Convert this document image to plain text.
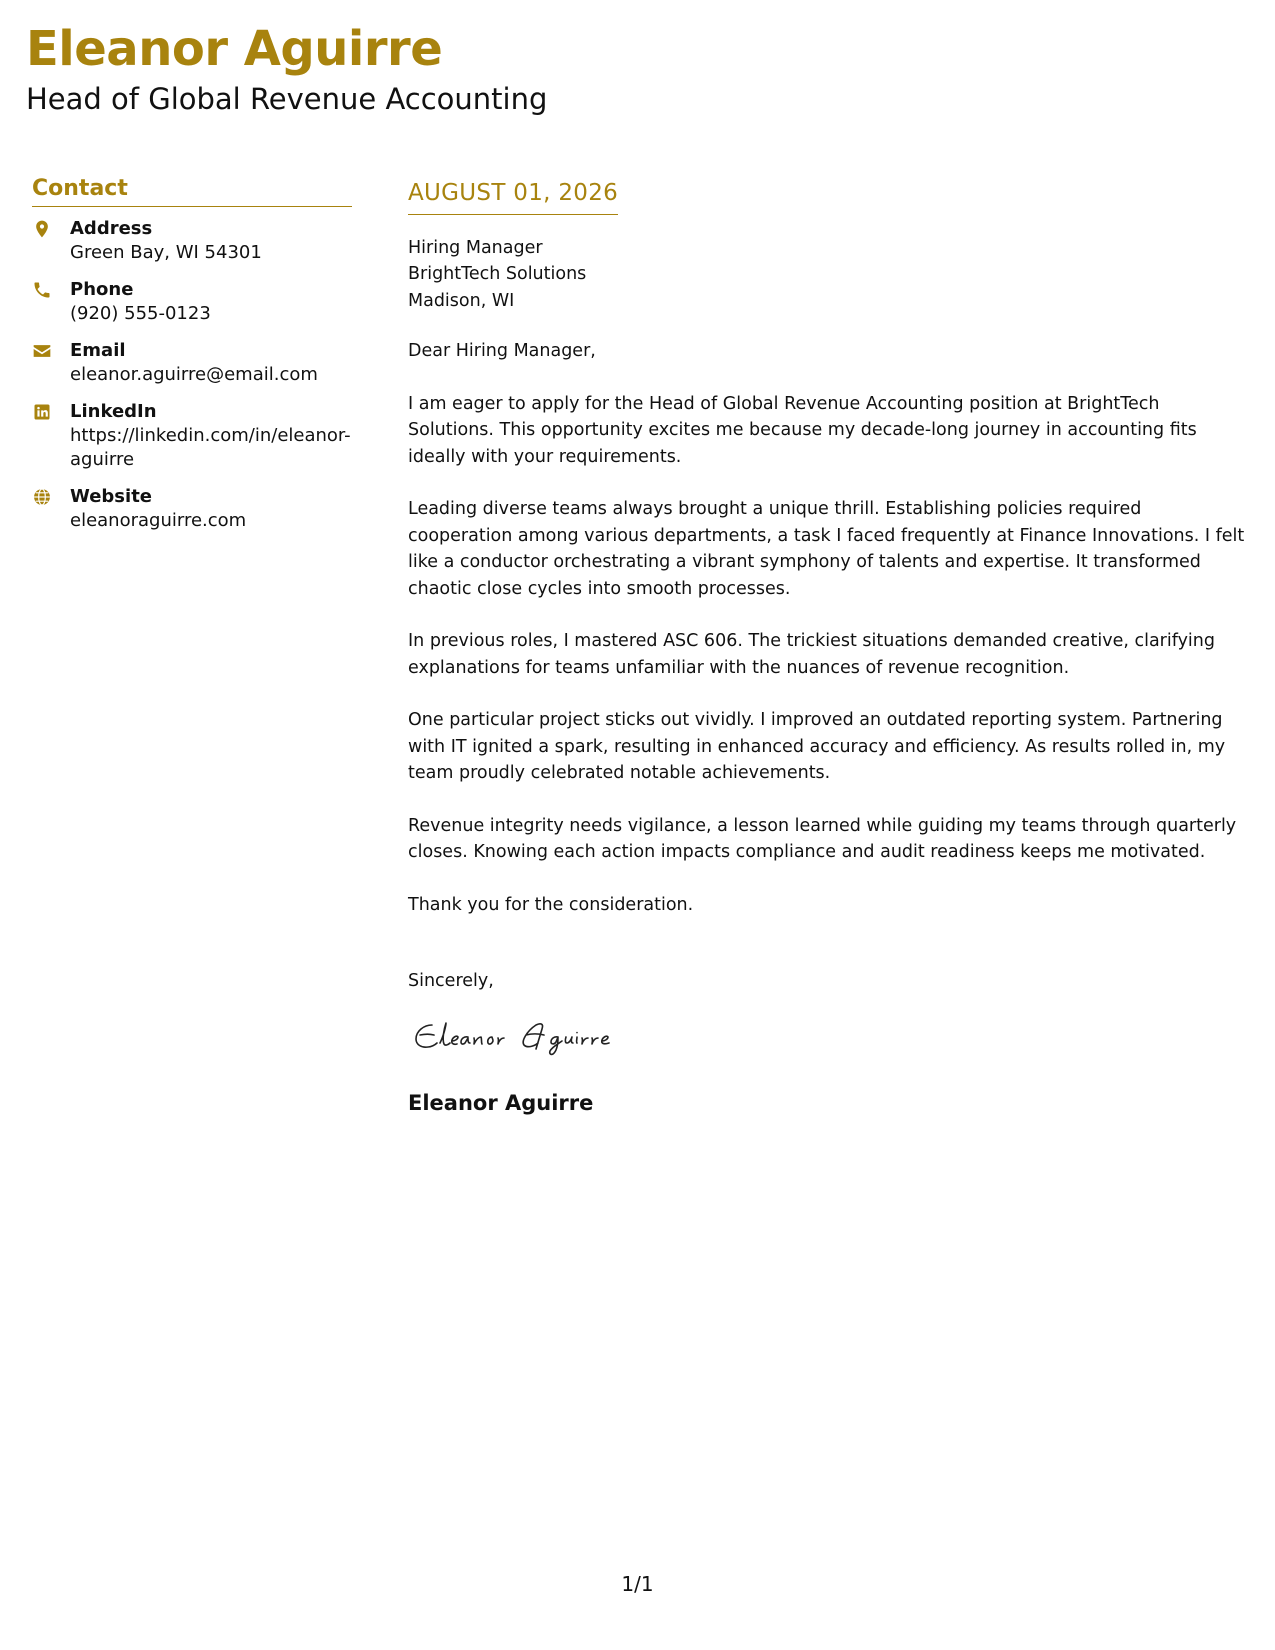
Eleanor Aguirre
Head of Global Revenue Accounting
Contact
Address
Green Bay, WI 54301
Phone
(920) 555-0123
Email
eleanor.aguirre@email.com
LinkedIn
https://linkedin.com/in/eleanor-aguirre
Website
eleanoraguirre.com
AUGUST 01, 2026
Hiring Manager
BrightTech Solutions
Madison, WI
Dear Hiring Manager,
I am eager to apply for the Head of Global Revenue Accounting position at BrightTech Solutions. This opportunity excites me because my decade-long journey in accounting fits ideally with your requirements.
Leading diverse teams always brought a unique thrill. Establishing policies required cooperation among various departments, a task I faced frequently at Finance Innovations. I felt like a conductor orchestrating a vibrant symphony of talents and expertise. It transformed chaotic close cycles into smooth processes.
In previous roles, I mastered ASC 606. The trickiest situations demanded creative, clarifying explanations for teams unfamiliar with the nuances of revenue recognition.
One particular project sticks out vividly. I improved an outdated reporting system. Partnering with IT ignited a spark, resulting in enhanced accuracy and efficiency. As results rolled in, my team proudly celebrated notable achievements.
Revenue integrity needs vigilance, a lesson learned while guiding my teams through quarterly closes. Knowing each action impacts compliance and audit readiness keeps me motivated.
Thank you for the consideration.
Sincerely,
Eleanor Aguirre
1/1
